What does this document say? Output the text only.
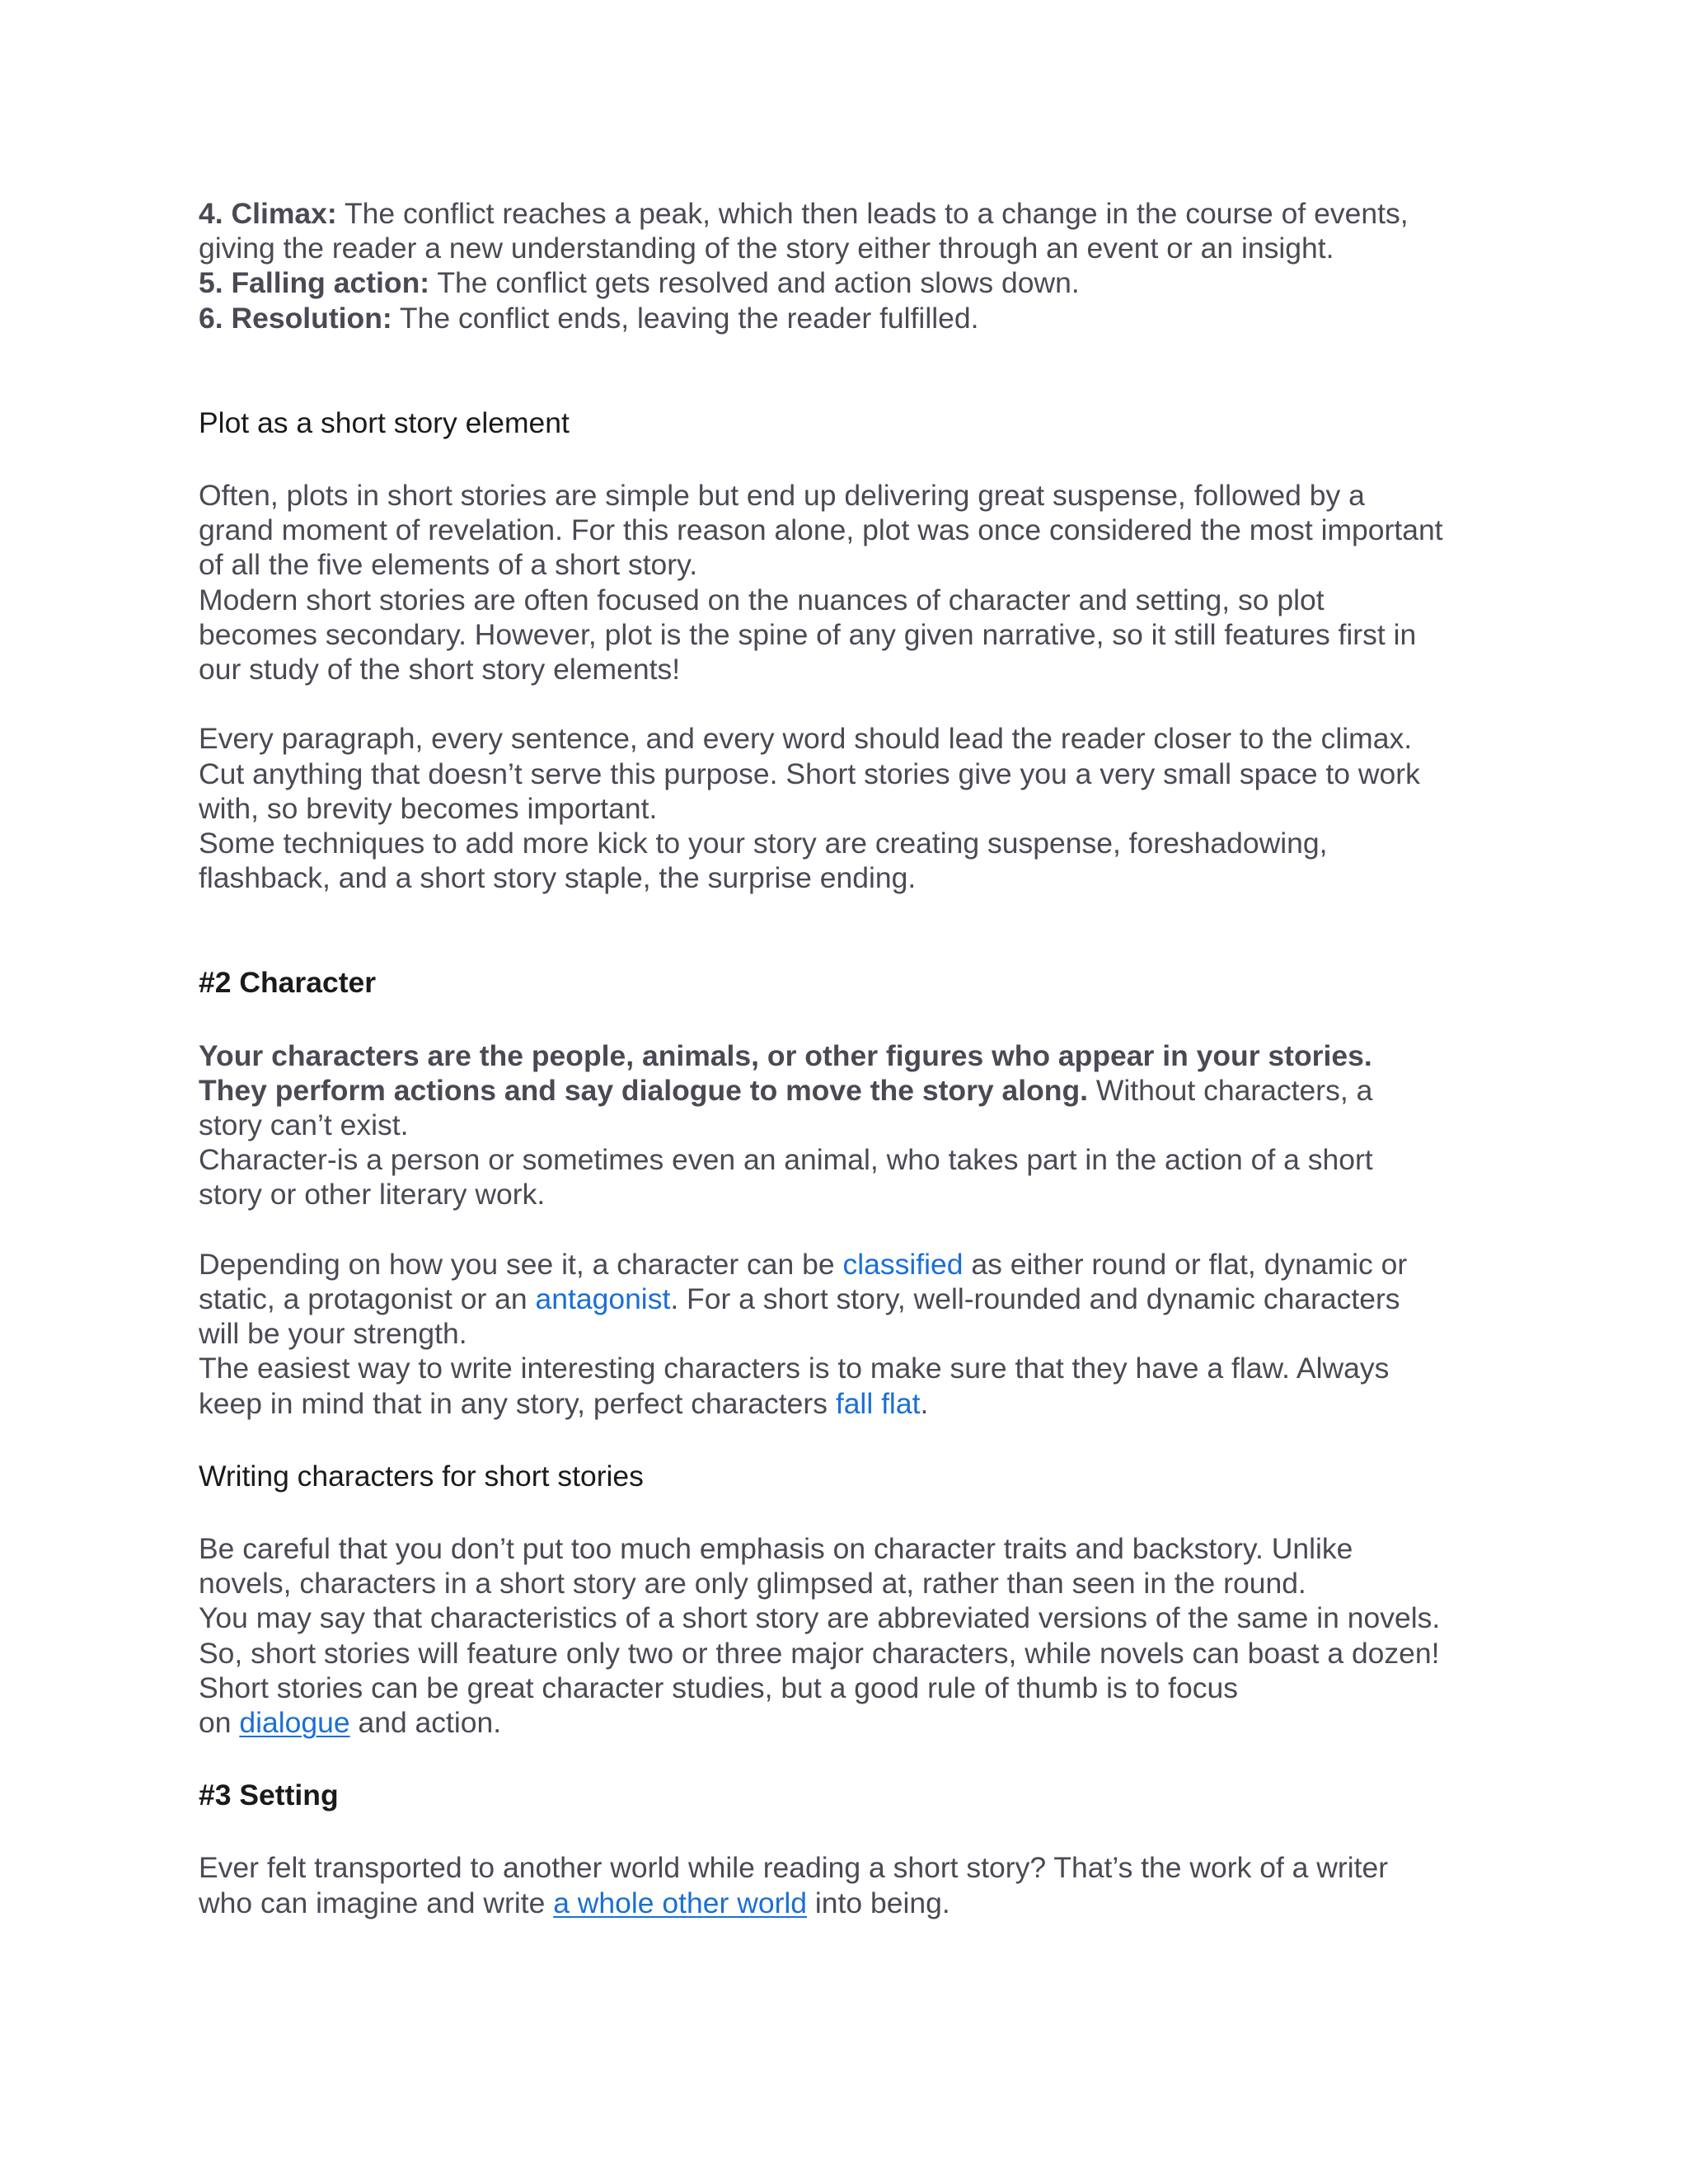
4. Climax: The conflict reaches a peak, which then leads to a change in the course of events,
giving the reader a new understanding of the story either through an event or an insight.
5. Falling action: The conflict gets resolved and action slows down.
6. Resolution: The conflict ends, leaving the reader fulfilled.
Plot as a short story element
Often, plots in short stories are simple but end up delivering great suspense, followed by a
grand moment of revelation. For this reason alone, plot was once considered the most important
of all the five elements of a short story.
Modern short stories are often focused on the nuances of character and setting, so plot
becomes secondary. However, plot is the spine of any given narrative, so it still features first in
our study of the short story elements!
Every paragraph, every sentence, and every word should lead the reader closer to the climax.
Cut anything that doesn’t serve this purpose. Short stories give you a very small space to work
with, so brevity becomes important.
Some techniques to add more kick to your story are creating suspense, foreshadowing,
flashback, and a short story staple, the surprise ending.
#2 Character
Your characters are the people, animals, or other figures who appear in your stories.
They perform actions and say dialogue to move the story along. Without characters, a
story can’t exist.
Character-is a person or sometimes even an animal, who takes part in the action of a short
story or other literary work.
Depending on how you see it, a character can be classified as either round or flat, dynamic or
static, a protagonist or an antagonist. For a short story, well-rounded and dynamic characters
will be your strength.
The easiest way to write interesting characters is to make sure that they have a flaw. Always
keep in mind that in any story, perfect characters fall flat.
Writing characters for short stories
Be careful that you don’t put too much emphasis on character traits and backstory. Unlike
novels, characters in a short story are only glimpsed at, rather than seen in the round.
You may say that characteristics of a short story are abbreviated versions of the same in novels.
So, short stories will feature only two or three major characters, while novels can boast a dozen!
Short stories can be great character studies, but a good rule of thumb is to focus
on dialogue and action.
#3 Setting
Ever felt transported to another world while reading a short story? That’s the work of a writer
who can imagine and write a whole other world into being.
